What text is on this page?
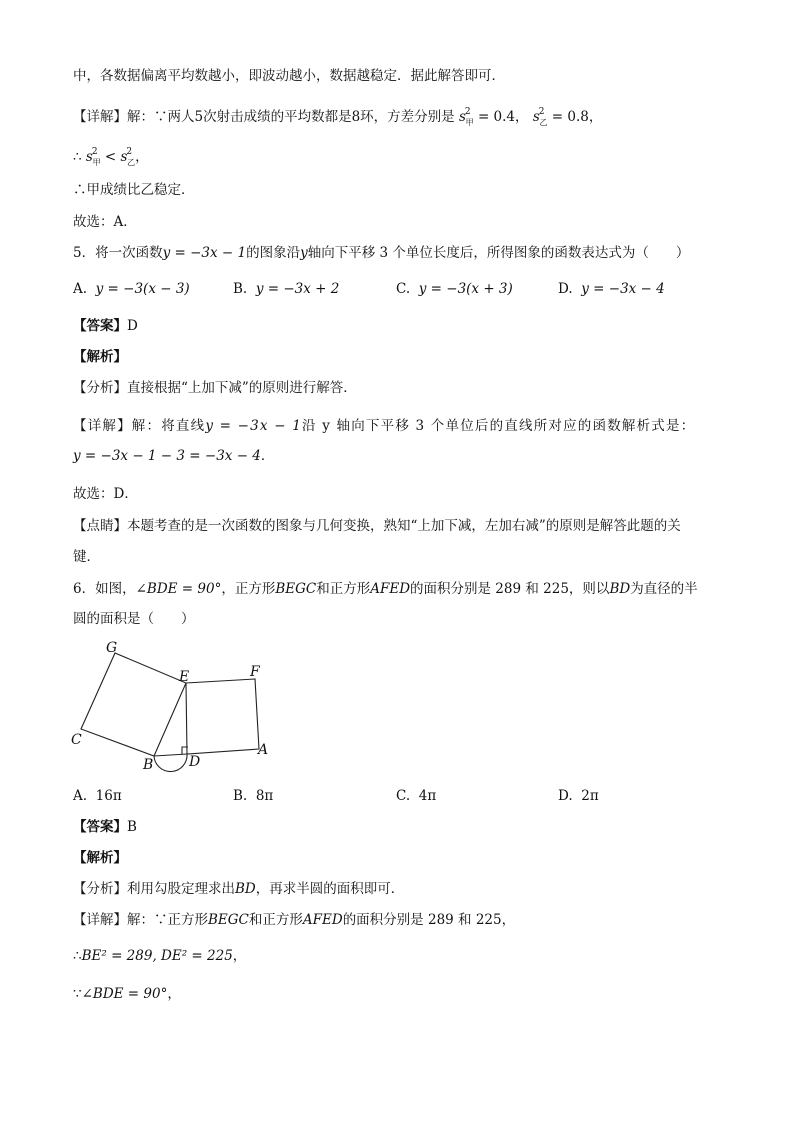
中，各数据偏离平均数越小，即波动越小，数据越稳定．据此解答即可．
【详解】解：∵两人5次射击成绩的平均数都是8环，方差分别是 $s^2_甲 = 0.4$， $s^2_乙 = 0.8$，
∴ $s^2_甲 < s^2_乙$，
∴甲成绩比乙稳定．
故选：A．
5．将一次函数y = −3x − 1的图象沿y轴向下平移 3 个单位长度后，所得图象的函数表达式为（　　）
A. y = −3(x − 3)	B. y = −3x + 2	C. y = −3(x + 3)	D. y = −3x − 4
【答案】D
【解析】
【分析】直接根据“上加下减”的原则进行解答．
【详解】解：将直线y = −3x − 1沿 y 轴向下平移 3 个单位后的直线所对应的函数解析式是：
y = −3x − 1 − 3 = −3x − 4．
故选：D．
【点睛】本题考查的是一次函数的图象与几何变换，熟知“上加下减，左加右减”的原则是解答此题的关
键．
6．如图，∠BDE = 90°，正方形BEGC和正方形AFED的面积分别是 289 和 225，则以BD为直径的半
圆的面积是（　　）
G
E	F
C
A
B	D
A. 16π	B. 8π	C. 4π	D. 2π
【答案】B
【解析】
【分析】利用勾股定理求出BD，再求半圆的面积即可．
【详解】解：∵正方形BEGC和正方形AFED的面积分别是 289 和 225，
∴BE² = 289, DE² = 225，
∵∠BDE = 90°，
